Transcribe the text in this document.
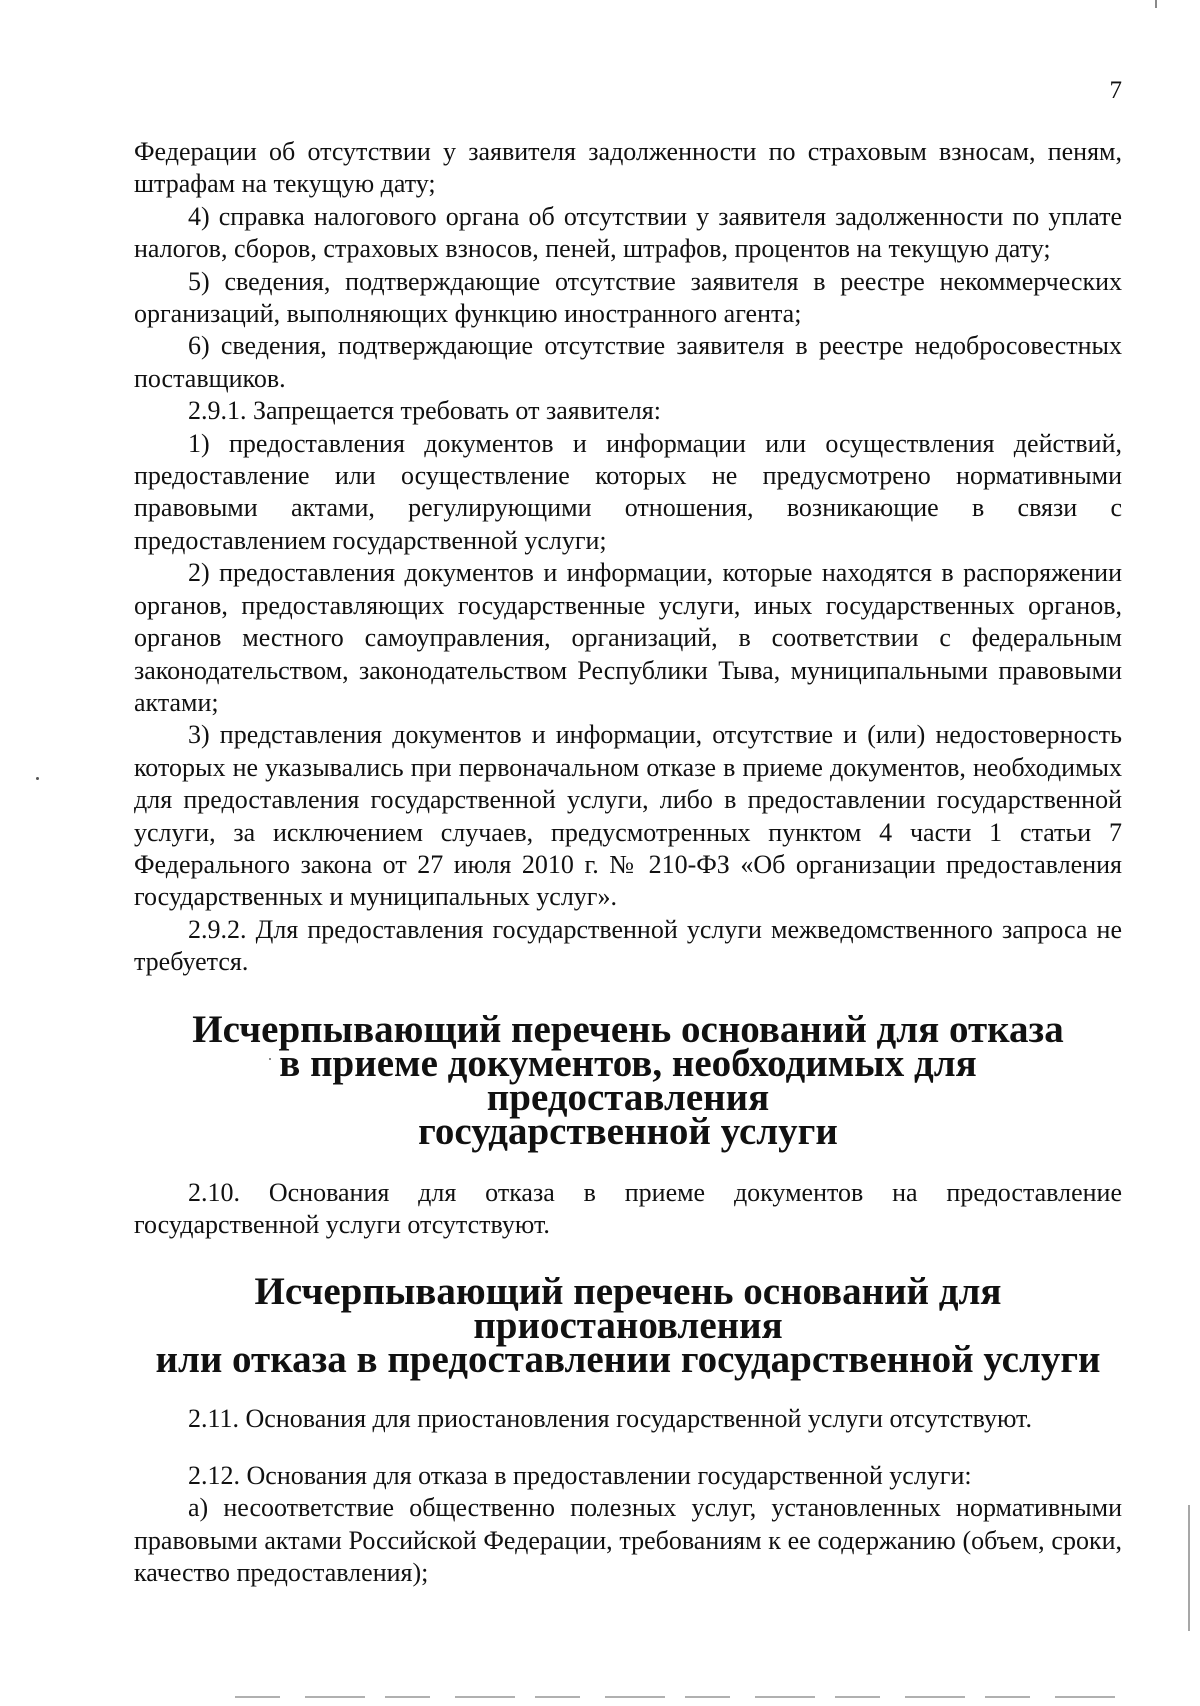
7

Федерации об отсутствии у заявителя задолженности по страховым взносам, пеням, штрафам на текущую дату;

4) справка налогового органа об отсутствии у заявителя задолженности по уплате налогов, сборов, страховых взносов, пеней, штрафов, процентов на текущую дату;

5) сведения, подтверждающие отсутствие заявителя в реестре некоммерческих организаций, выполняющих функцию иностранного агента;

6) сведения, подтверждающие отсутствие заявителя в реестре недобросовестных поставщиков.

2.9.1. Запрещается требовать от заявителя:

1) предоставления документов и информации или осуществления действий, предоставление или осуществление которых не предусмотрено нормативными правовыми актами, регулирующими отношения, возникающие в связи с предоставлением государственной услуги;

2) предоставления документов и информации, которые находятся в распоряжении органов, предоставляющих государственные услуги, иных государственных органов, органов местного самоуправления, организаций, в соответствии с федеральным законодательством, законодательством Республики Тыва, муниципальными правовыми актами;

3) представления документов и информации, отсутствие и (или) недостоверность которых не указывались при первоначальном отказе в приеме документов, необходимых для предоставления государственной услуги, либо в предоставлении государственной услуги, за исключением случаев, предусмотренных пунктом 4 части 1 статьи 7 Федерального закона от 27 июля 2010 г. № 210-ФЗ «Об организации предоставления государственных и муниципальных услуг».

2.9.2. Для предоставления государственной услуги межведомственного запроса не требуется.

Исчерпывающий перечень оснований для отказа
в приеме документов, необходимых для предоставления
государственной услуги

2.10. Основания для отказа в приеме документов на предоставление государственной услуги отсутствуют.

Исчерпывающий перечень оснований для приостановления
или отказа в предоставлении государственной услуги

2.11. Основания для приостановления государственной услуги отсутствуют.

2.12. Основания для отказа в предоставлении государственной услуги:

а) несоответствие общественно полезных услуг, установленных нормативными правовыми актами Российской Федерации, требованиям к ее содержанию (объем, сроки, качество предоставления);
